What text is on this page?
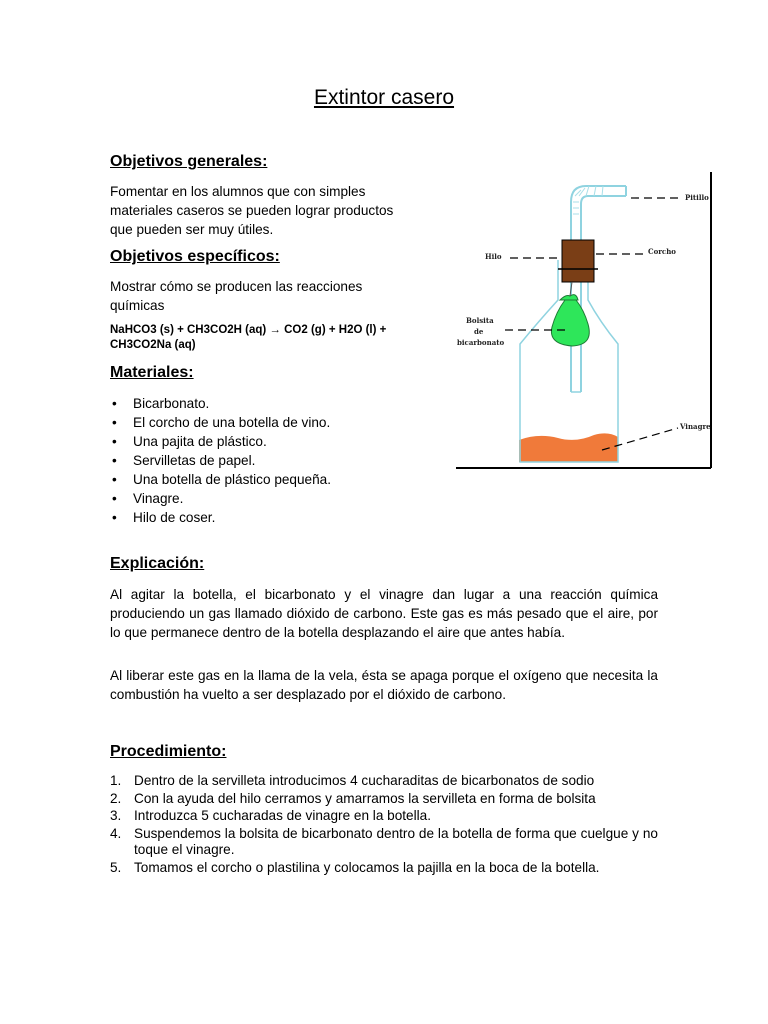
Extintor casero
Objetivos generales:
Fomentar en los alumnos que con simples
materiales caseros se pueden lograr productos
que pueden ser muy útiles.
Objetivos específicos:
Mostrar cómo se producen las reacciones
químicas
NaHCO3 (s) + CH3CO2H (aq) → CO2 (g) + H2O (l) +
CH3CO2Na (aq)
Materiales:
• Bicarbonato.
• El corcho de una botella de vino.
• Una pajita de plástico.
• Servilletas de papel.
• Una botella de plástico pequeña.
• Vinagre.
• Hilo de coser.
Explicación:

Al agitar la botella, el bicarbonato y el vinagre dan lugar a una reacción química produciendo un gas llamado dióxido de carbono. Este gas es más pesado que el aire, por lo que permanece dentro de la botella desplazando el aire que antes había.

Al liberar este gas en la llama de la vela, ésta se apaga porque el oxígeno que necesita la combustión ha vuelto a ser desplazado por el dióxido de carbono.

Procedimiento:
1. Dentro de la servilleta introducimos 4 cucharaditas de bicarbonatos de sodio
2. Con la ayuda del hilo cerramos y amarramos la servilleta en forma de bolsita
3. Introduzca 5 cucharadas de vinagre en la botella.
4. Suspendemos la bolsita de bicarbonato dentro de la botella de forma que cuelgue y no toque el vinagre.
5. Tomamos el corcho o plastilina y colocamos la pajilla en la boca de la botella.
Pitillo
Corcho
Hilo
Bolsita
de
bicarbonato
Vinagre
